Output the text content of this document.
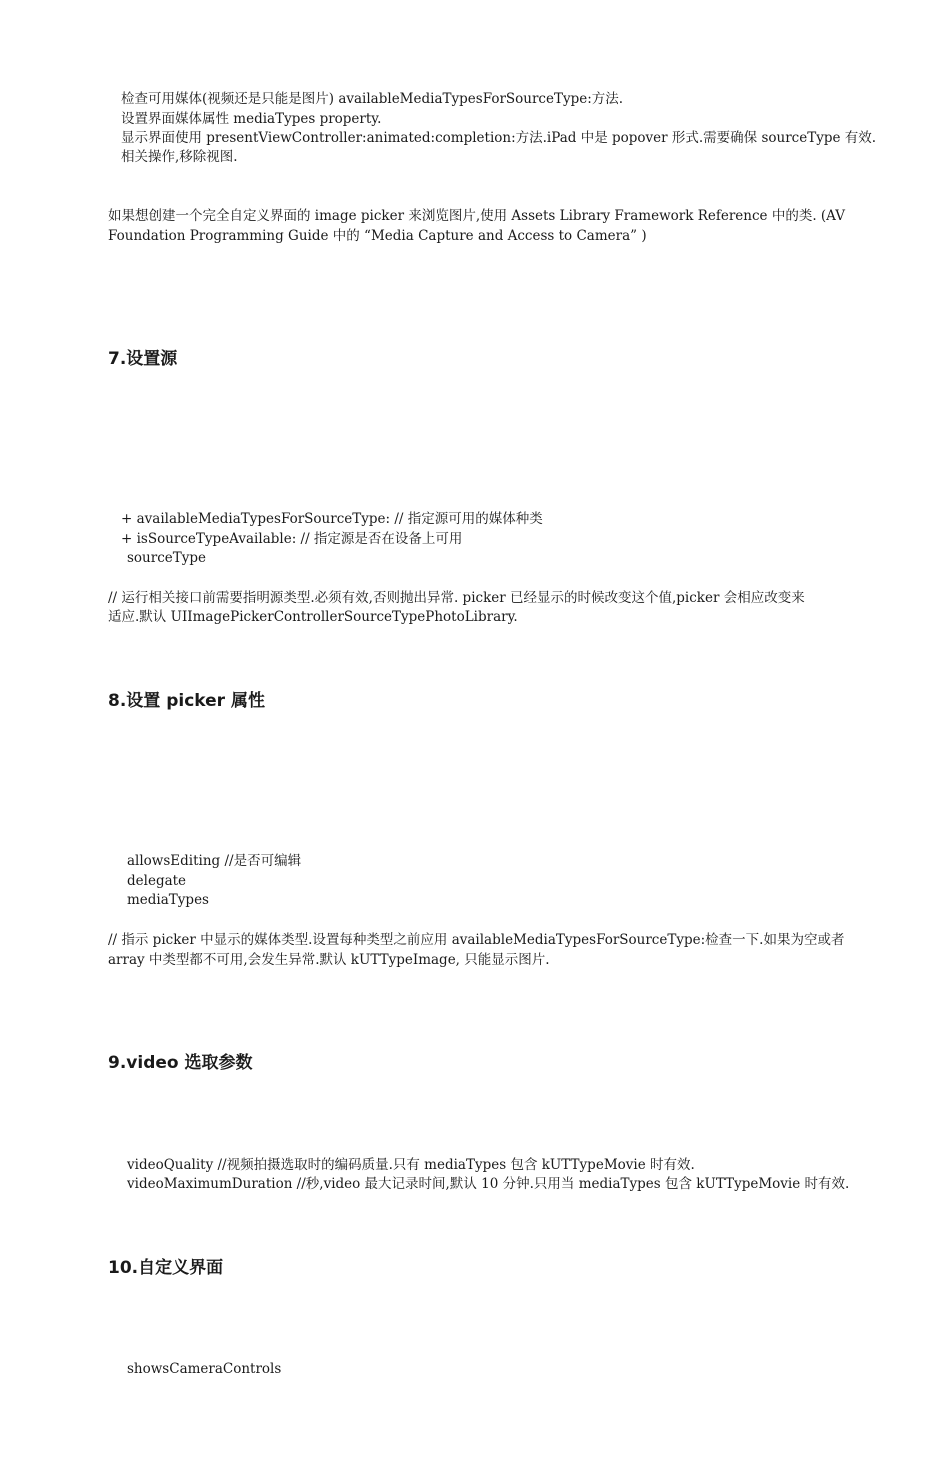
检查可用媒体(视频还是只能是图片) availableMediaTypesForSourceType:方法.
设置界面媒体属性 mediaTypes property.
显示界面使用 presentViewController:animated:completion:方法.iPad 中是 popover 形式.需要确保 sourceType 有效.
相关操作,移除视图.
如果想创建一个完全自定义界面的 image picker 来浏览图片,使用 Assets Library Framework Reference 中的类. (AV
Foundation Programming Guide 中的 “Media Capture and Access to Camera” )
7.设置源
+ availableMediaTypesForSourceType: // 指定源可用的媒体种类
+ isSourceTypeAvailable: // 指定源是否在设备上可用
sourceType
// 运行相关接口前需要指明源类型.必须有效,否则抛出异常. picker 已经显示的时候改变这个值,picker 会相应改变来
适应.默认 UIImagePickerControllerSourceTypePhotoLibrary.
8.设置 picker 属性
allowsEditing //是否可编辑
delegate
mediaTypes
// 指示 picker 中显示的媒体类型.设置每种类型之前应用 availableMediaTypesForSourceType:检查一下.如果为空或者
array 中类型都不可用,会发生异常.默认 kUTTypeImage, 只能显示图片.
9.video 选取参数
videoQuality //视频拍摄选取时的编码质量.只有 mediaTypes 包含 kUTTypeMovie 时有效.
videoMaximumDuration //秒,video 最大记录时间,默认 10 分钟.只用当 mediaTypes 包含 kUTTypeMovie 时有效.
10.自定义界面
showsCameraControls
